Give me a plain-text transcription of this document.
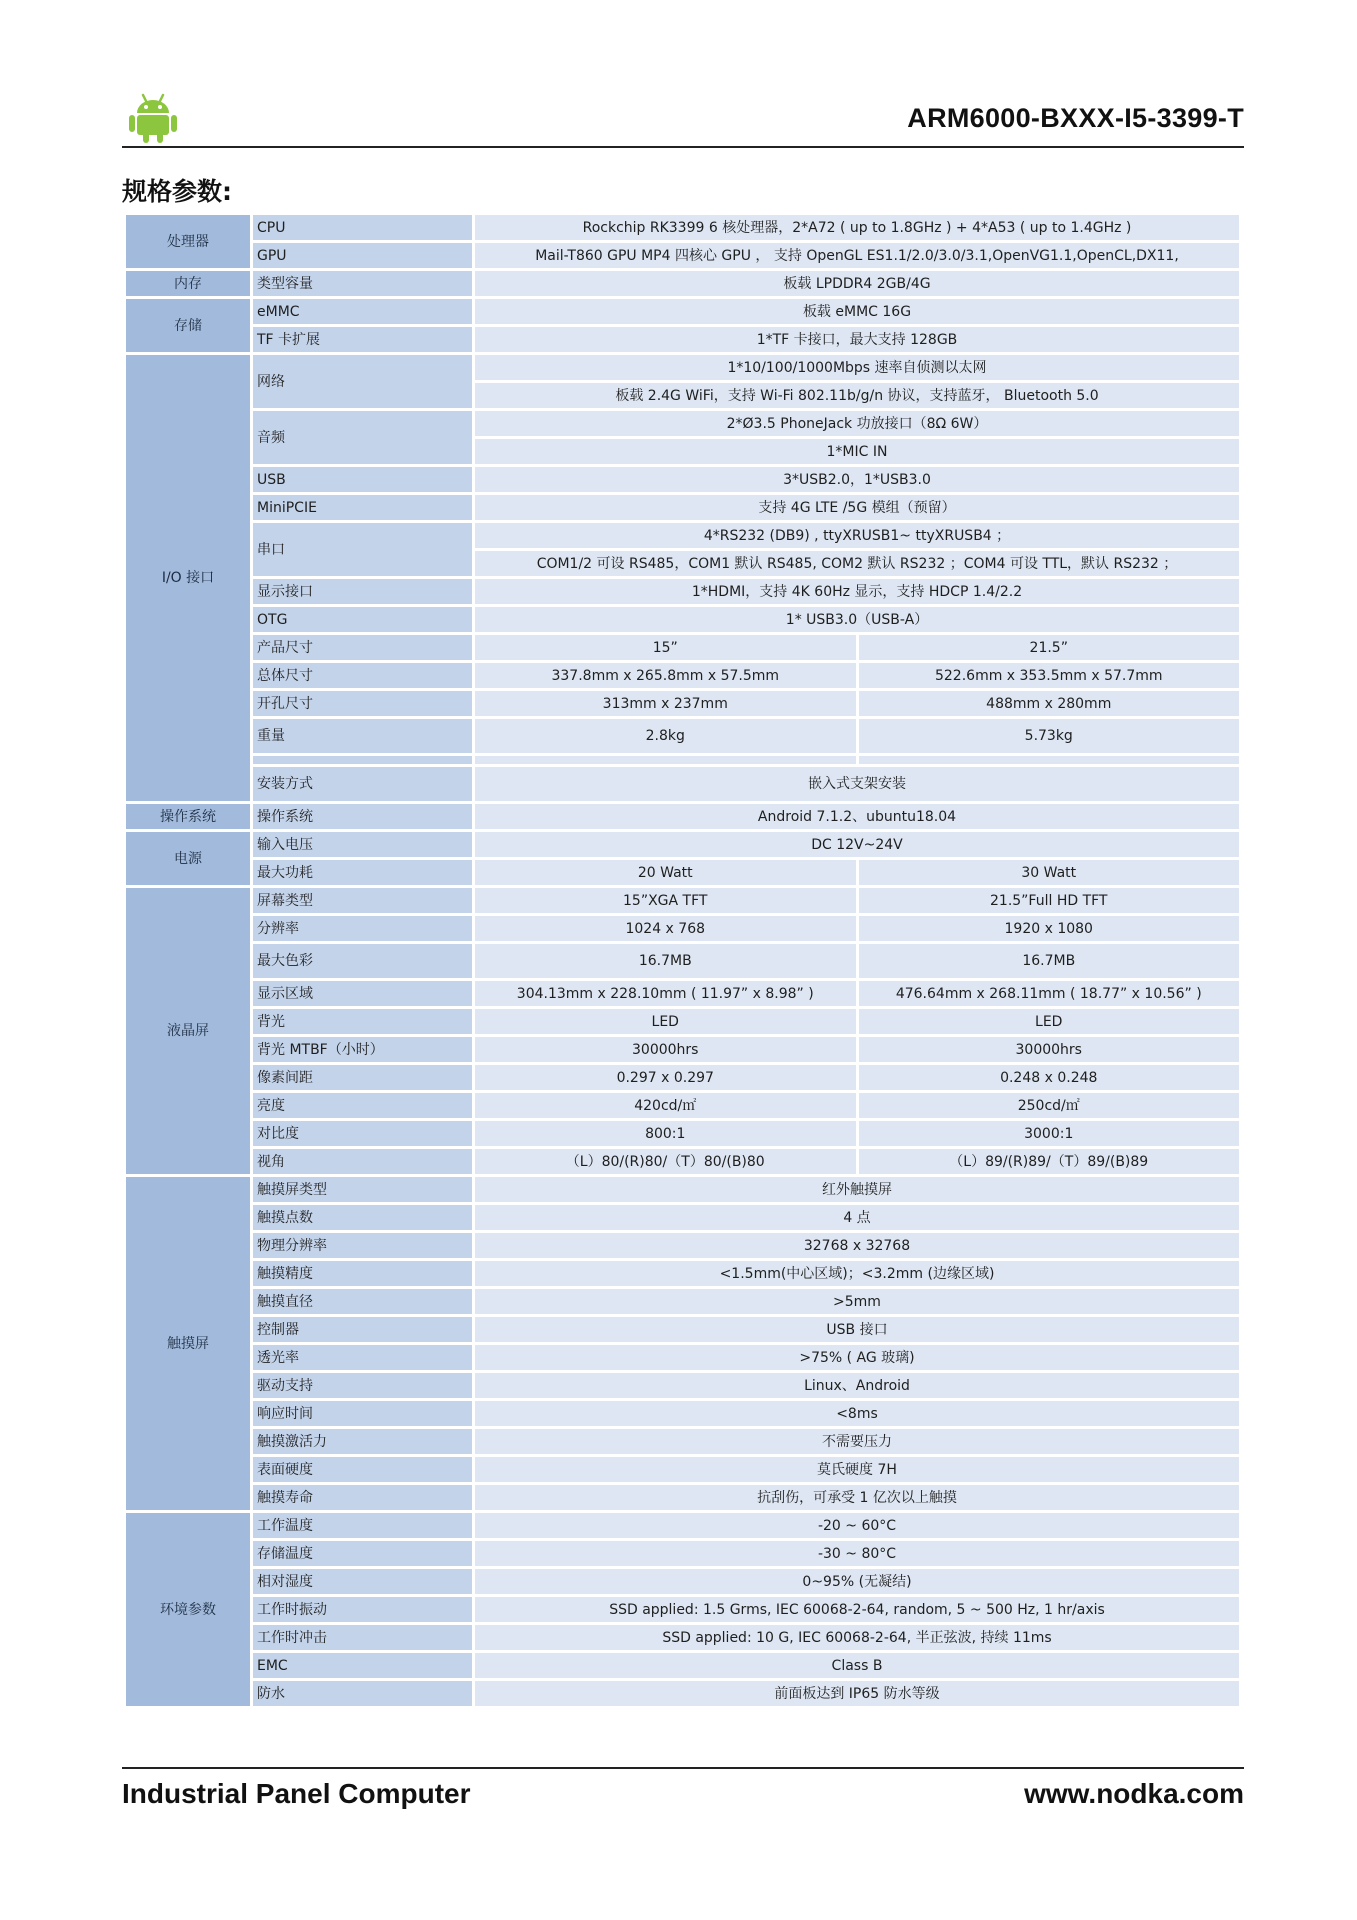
ARM6000-BXXX-I5-3399-T
规格参数:
处理器	CPU	Rockchip RK3399 6 核处理器，2*A72 ( up to 1.8GHz ) + 4*A53 ( up to 1.4GHz )	
	GPU	Mail-T860 GPU MP4 四核心 GPU ， 支持 OpenGL ES1.1/2.0/3.0/3.1,OpenVG1.1,OpenCL,DX11,	
内存	类型容量	板载 LPDDR4 2GB/4G	
存储	eMMC	板载 eMMC 16G	
	TF 卡扩展	1*TF 卡接口，最大支持 128GB	
I/O 接口	网络	1*10/100/1000Mbps 速率自侦测以太网	
		板载 2.4G WiFi，支持 Wi-Fi 802.11b/g/n 协议，支持蓝牙， Bluetooth 5.0	
	音频	2*Ø3.5 PhoneJack 功放接口（8Ω 6W）	
		1*MIC IN	
	USB	3*USB2.0，1*USB3.0	
	MiniPCIE	支持 4G LTE /5G 模组（预留）	
	串口	4*RS232 (DB9) , ttyXRUSB1~ ttyXRUSB4 ；	
		COM1/2 可设 RS485，COM1 默认 RS485, COM2 默认 RS232 ；COM4 可设 TTL，默认 RS232 ；	
	显示接口	1*HDMI，支持 4K 60Hz 显示，支持 HDCP 1.4/2.2	
	OTG	1* USB3.0（USB-A）	
	产品尺寸	15”	21.5”
	总体尺寸	337.8mm x 265.8mm x 57.5mm	522.6mm x 353.5mm x 57.7mm
	开孔尺寸	313mm x 237mm	488mm x 280mm
	重量	2.8kg	5.73kg

	安装方式	嵌入式支架安装	
操作系统	操作系统	Android 7.1.2、ubuntu18.04	
电源	输入电压	DC 12V~24V	
	最大功耗	20 Watt	30 Watt
液晶屏	屏幕类型	15”XGA TFT	21.5”Full HD TFT
	分辨率	1024 x 768	1920 x 1080
	最大色彩	16.7MB	16.7MB
	显示区域	304.13mm x 228.10mm ( 11.97” x 8.98” )	476.64mm x 268.11mm ( 18.77” x 10.56” )
	背光	LED	LED
	背光 MTBF（小时）	30000hrs	30000hrs
	像素间距	0.297 x 0.297	0.248 x 0.248
	亮度	420cd/㎡	250cd/㎡
	对比度	800:1	3000:1
	视角	（L）80/(R)80/（T）80/(B)80	（L）89/(R)89/（T）89/(B)89
触摸屏	触摸屏类型	红外触摸屏	
	触摸点数	4 点	
	物理分辨率	32768 x 32768	
	触摸精度	<1.5mm(中心区域)；<3.2mm (边缘区域)	
	触摸直径	>5mm	
	控制器	USB 接口	
	透光率	>75% ( AG 玻璃)	
	驱动支持	Linux、Android	
	响应时间	<8ms	
	触摸激活力	不需要压力	
	表面硬度	莫氏硬度 7H	
	触摸寿命	抗刮伤，可承受 1 亿次以上触摸	
环境参数	工作温度	-20 ~ 60°C	
	存储温度	-30 ~ 80°C	
	相对湿度	0~95% (无凝结)	
	工作时振动	SSD applied: 1.5 Grms, IEC 60068-2-64, random, 5 ~ 500 Hz, 1 hr/axis	
	工作时冲击	SSD applied: 10 G, IEC 60068-2-64, 半正弦波, 持续 11ms	
	EMC	Class B	
	防水	前面板达到 IP65 防水等级	
Industrial Panel Computer	www.nodka.com
